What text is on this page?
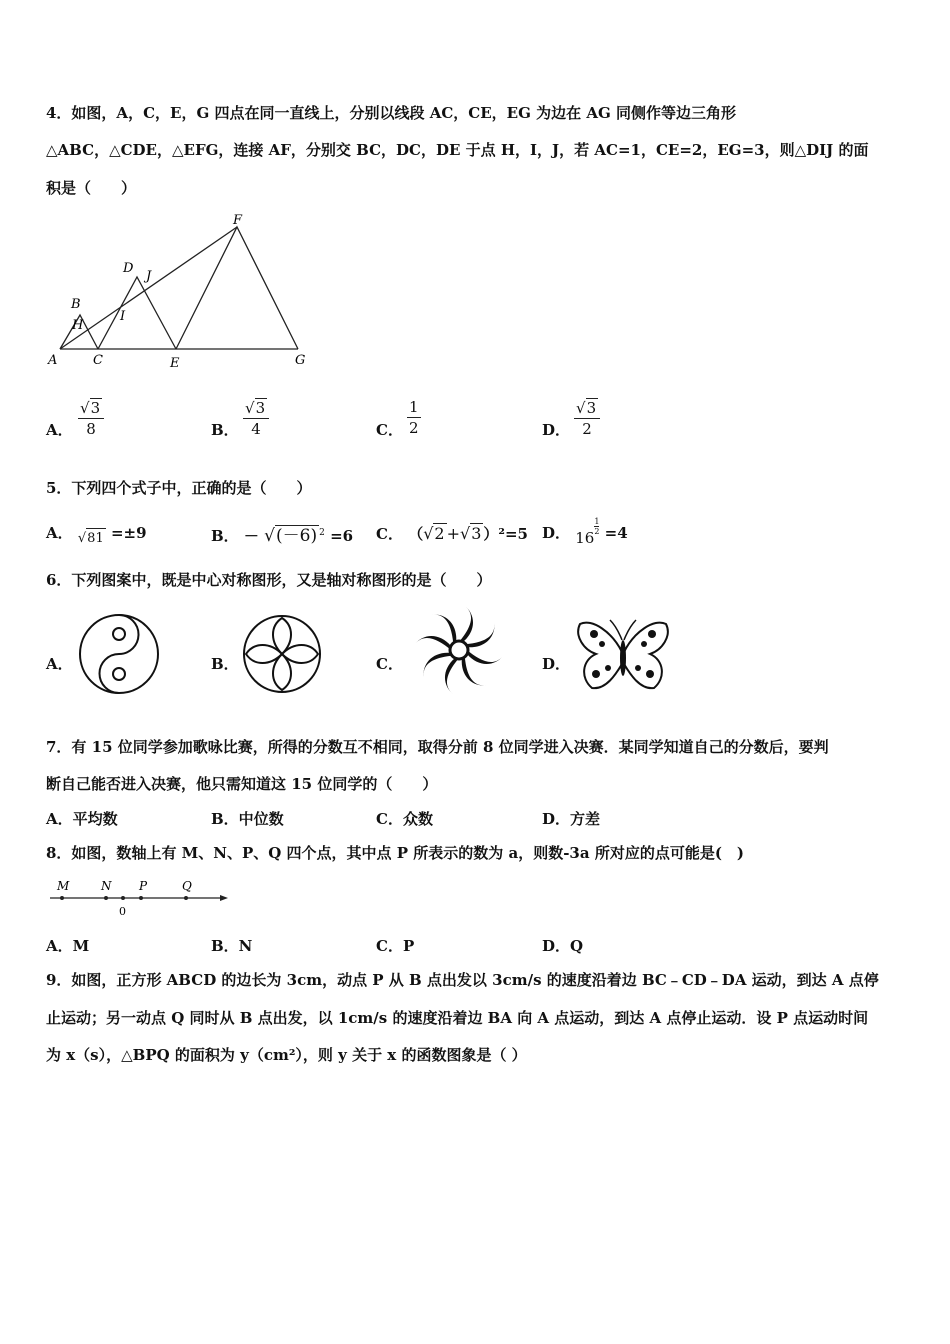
4．如图，A，C，E，G 四点在同一直线上，分别以线段 AC，CE，EG 为边在 AG 同侧作等边三角形
△ABC，△CDE，△EFG，连接 AF，分别交 BC，DC，DE 于点 H，I，J，若 AC=1，CE=2，EG=3，则△DIJ 的面
积是（　　）
A
B
C
D
E
F
G
H
I
J
A．
√3
8	B．
√3
4	C．
1
2	D．
√3
2
5．下列四个式子中，正确的是（　　）
A． √81 =±9	B． － √(－6) $^2$ =6 C． （√2 +√3 ）²=5 D． 16
$\frac{1}{2} =4$
6．下列图案中，既是中心对称图形，又是轴对称图形的是（　　）
A．	B．	C．	D．
7．有 15 位同学参加歌咏比赛，所得的分数互不相同，取得分前 8 位同学进入决赛．某同学知道自己的分数后，要判
断自己能否进入决赛，他只需知道这 15 位同学的（　　）
A．平均数	B．中位数	C．众数	D．方差
8．如图，数轴上有 M、N、P、Q 四个点，其中点 P 所表示的数为 a，则数-3a 所对应的点可能是(　)
M	N P	Q
0
A．M	B．N	C．P	D．Q
9．如图，正方形 ABCD 的边长为 3cm，动点 P 从 B 点出发以 3cm/s 的速度沿着边 BC﹣CD﹣DA 运动，到达 A 点停
止运动；另一动点 Q 同时从 B 点出发，以 1cm/s 的速度沿着边 BA 向 A 点运动，到达 A 点停止运动．设 P 点运动时间
为 x（s），△BPQ 的面积为 y（cm²），则 y 关于 x 的函数图象是（ ）
